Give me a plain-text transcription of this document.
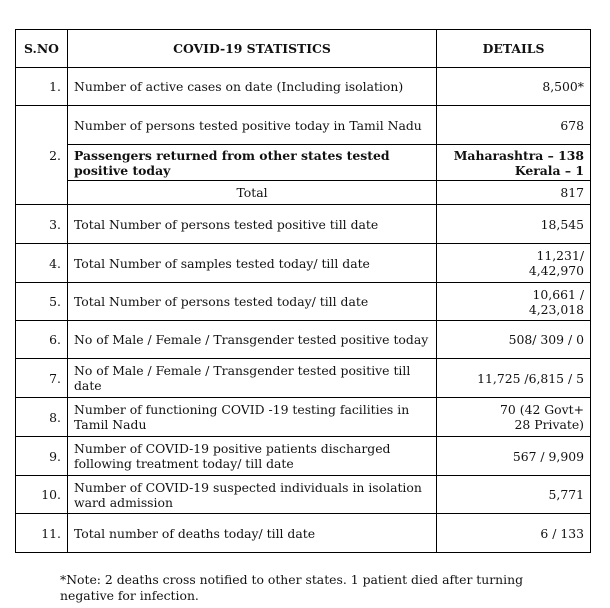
S.NO	COVID-19 STATISTICS	DETAILS
1.	Number of active cases on date (Including isolation)	8,500*
2.	Number of persons tested positive today in Tamil Nadu	678
	Passengers returned from other states tested positive today	Maharashtra – 138
Kerala – 1

	Total	817
3.	Total Number of persons tested positive till date	18,545
4.	Total Number of samples tested today/ till date	11,231/
4,42,970

5.	Total Number of persons tested today/ till date	10,661 /
4,23,018

6.	No of Male / Female / Transgender tested positive today	508/ 309 / 0
7.	No of Male / Female / Transgender tested positive till date	11,725 /6,815 / 5
8.	Number of functioning COVID -19 testing facilities in Tamil Nadu	70 (42 Govt+
28 Private)

9.	Number of COVID-19 positive patients discharged following treatment today/ till date	567 / 9,909
10.	Number of COVID-19 suspected individuals in isolation ward admission	5,771
11.	Total number of deaths today/ till date	6 / 133
*Note: 2 deaths cross notified to other states. 1 patient died after turning negative for infection.
